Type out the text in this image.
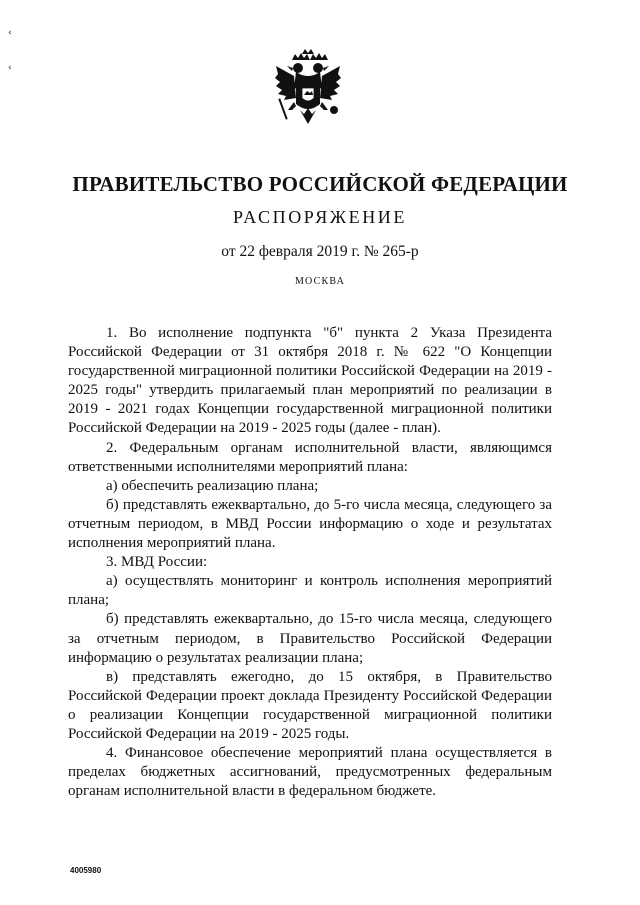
‹
‹
ПРАВИТЕЛЬСТВО РОССИЙСКОЙ ФЕДЕРАЦИИ
РАСПОРЯЖЕНИЕ
от 22 февраля 2019 г. № 265-р
МОСКВА

1. Во исполнение подпункта "б" пункта 2 Указа Президента Российской Федерации от 31 октября 2018 г. № 622 "О Концепции государственной миграционной политики Российской Федерации на 2019 - 2025 годы" утвердить прилагаемый план мероприятий по реализации в 2019 - 2021 годах Концепции государственной миграционной политики Российской Федерации на 2019 - 2025 годы (далее - план).

2. Федеральным органам исполнительной власти, являющимся ответственными исполнителями мероприятий плана:

а) обеспечить реализацию плана;

б) представлять ежеквартально, до 5-го числа месяца, следующего за отчетным периодом, в МВД России информацию о ходе и результатах исполнения мероприятий плана.

3. МВД России:

а) осуществлять мониторинг и контроль исполнения мероприятий плана;

б) представлять ежеквартально, до 15-го числа месяца, следующего за отчетным периодом, в Правительство Российской Федерации информацию о результатах реализации плана;

в) представлять ежегодно, до 15 октября, в Правительство Российской Федерации проект доклада Президенту Российской Федерации о реализации Концепции государственной миграционной политики Российской Федерации на 2019 - 2025 годы.

4. Финансовое обеспечение мероприятий плана осуществляется в пределах бюджетных ассигнований, предусмотренных федеральным органам исполнительной власти в федеральном бюджете.

4005980
